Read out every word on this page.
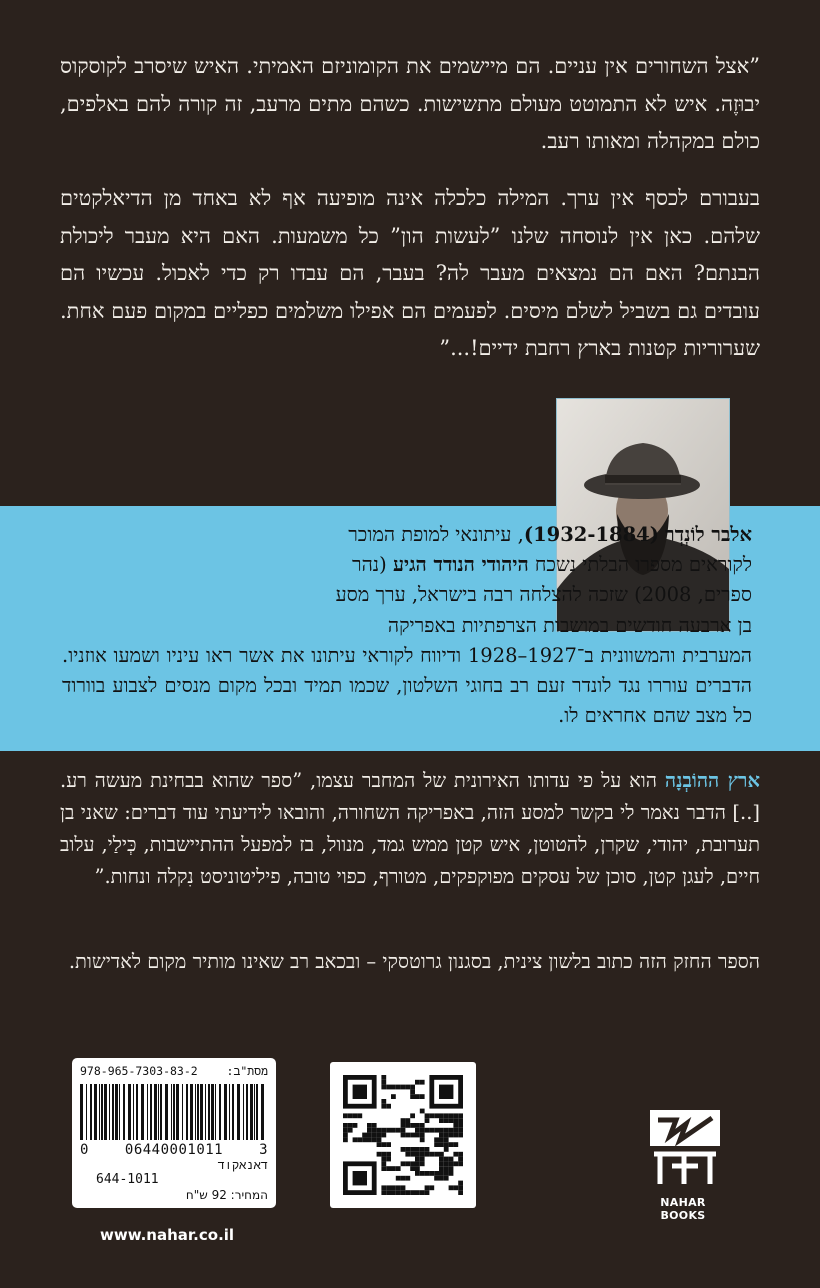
”אצל השחורים אין עניים. הם מיישמים את הקומוניזם האמיתי. האיש שיסרב לקוסקוס יבוּזֶה. איש לא התמוטט מעולם מתשישות. כשהם מתים מרעב, זה קורה להם באלפים, כולם במקהלה ומאותו רעב.

בעבורם לכסף אין ערך. המילה כלכלה אינה מופיעה אף לא באחד מן הדיאלקטים שלהם. כאן אין לנוסחה שלנו ”לעשות הון” כל משמעות. האם היא מעבר ליכולת הבנתם? האם הם נמצאים מעבר לה? בעבר, הם עבדו רק כדי לאכול. עכשיו הם עובדים גם בשביל לשלם מיסים. לפעמים הם אפילו משלמים כפליים במקום פעם אחת. שערוריות קטנות בארץ רחבת ידיים!...”

אלבר לוֹנְדְר (1932-1884), עיתונאי למופת המוכר
לקוראים מספרו הבלתי נשכח היהודי הנודד הגיע (נהר
ספרים, 2008) שזכה להצלחה רבה בישראל, ערך מסע
בן ארבעה חודשים במושבות הצרפתיות באפריקה
המערבית והמשוונית ב־1927–1928 ודיווח לקוראי עיתונו את אשר ראו עיניו ושמעו אוזניו. הדברים עוררו נגד לונדר זעם רב בחוגי השלטון, שכמו תמיד ובכל מקום מנסים לצבוע בוורוד כל מצב שהם אחראים לו.

ארץ ההוֹבְנָה הוא על פי עדותו האירונית של המחבר עצמו, ”ספר שהוא בבחינת מעשה רע. [..] הדבר נאמר לי בקשר למסע הזה, באפריקה השחורה, והובאו לידיעתי עוד דברים: שאני בן תערובת, יהודי, שקרן, להטוטן, איש קטן ממש גמד, מנוול, בז למפעל ההתיישבות, כְּילַי, עלוב חיים, לעגן קטן, סוכן של עסקים מפוקפקים, מטורף, כפוי טובה, פיליטוניסט נִקלה ונחות.”

הספר החזק הזה כתוב בלשון צינית, בסגנון גרוטסקי – ובכאב רב שאינו מותיר מקום לאדישות.

מסת"ב:
978-965-7303-83-2
0	06440001011	3
דאנאקוד
644-1011
המחיר: 92 ש"ח
www.nahar.co.il
NAHAR BOOKS
